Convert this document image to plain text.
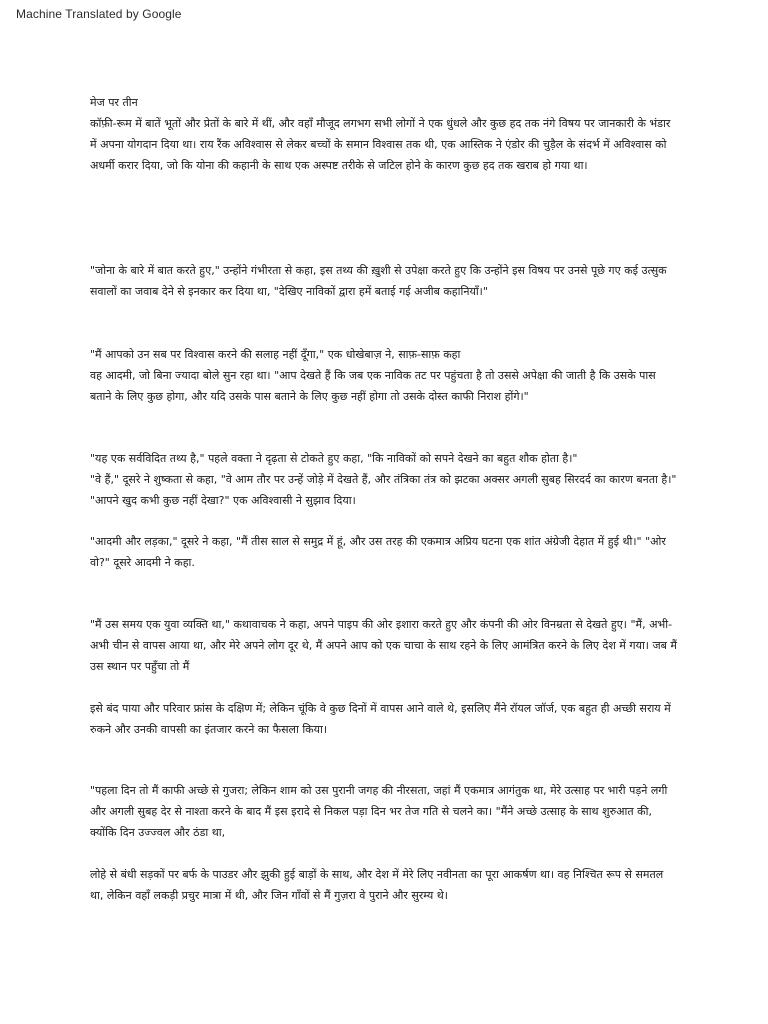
Machine Translated by Google
मेज पर तीन

कॉफ़ी-रूम में बातें भूतों और प्रेतों के बारे में थीं, और वहाँ मौजूद लगभग सभी लोगों ने एक धुंधले और कुछ हद तक नंगे विषय पर जानकारी के भंडार में अपना योगदान दिया था। राय रैंक अविश्वास से लेकर बच्चों के समान विश्वास तक थी, एक आस्तिक ने एंडोर की चुड़ैल के संदर्भ में अविश्वास को अधर्मी करार दिया, जो कि योना की कहानी के साथ एक अस्पष्ट तरीके से जटिल होने के कारण कुछ हद तक खराब हो गया था।

"जोना के बारे में बात करते हुए," उन्होंने गंभीरता से कहा, इस तथ्य की ख़ुशी से उपेक्षा करते हुए कि उन्होंने इस विषय पर उनसे पूछे गए कई उत्सुक सवालों का जवाब देने से इनकार कर दिया था, "देखिए नाविकों द्वारा हमें बताई गई अजीब कहानियाँ।"

"मैं आपको उन सब पर विश्वास करने की सलाह नहीं दूँगा," एक धोखेबाज़ ने, साफ़-साफ़ कहा
वह आदमी, जो बिना ज्यादा बोले सुन रहा था। "आप देखते हैं कि जब एक नाविक तट पर पहुंचता है तो उससे अपेक्षा की जाती है कि उसके पास बताने के लिए कुछ होगा, और यदि उसके पास बताने के लिए कुछ नहीं होगा तो उसके दोस्त काफी निराश होंगे।"

"यह एक सर्वविदित तथ्य है," पहले वक्ता ने दृढ़ता से टोकते हुए कहा, "कि नाविकों को सपने देखने का बहुत शौक होता है।"
"वे हैं," दूसरे ने शुष्कता से कहा, "वे आम तौर पर उन्हें जोड़े में देखते हैं, और तंत्रिका तंत्र को झटका अक्सर अगली सुबह सिरदर्द का कारण बनता है।" "आपने खुद कभी कुछ नहीं देखा?" एक अविश्वासी ने सुझाव दिया।

"आदमी और लड़का," दूसरे ने कहा, "मैं तीस साल से समुद्र में हूं, और उस तरह की एकमात्र अप्रिय घटना एक शांत अंग्रेजी देहात में हुई थी।" "ओर वो?" दूसरे आदमी ने कहा.

"मैं उस समय एक युवा व्यक्ति था," कथावाचक ने कहा, अपने पाइप की ओर इशारा करते हुए और कंपनी की ओर विनम्रता से देखते हुए। "मैं, अभी-अभी चीन से वापस आया था, और मेरे अपने लोग दूर थे, मैं अपने आप को एक चाचा के साथ रहने के लिए आमंत्रित करने के लिए देश में गया। जब मैं उस स्थान पर पहुँचा तो मैं

इसे बंद पाया और परिवार फ्रांस के दक्षिण में; लेकिन चूंकि वे कुछ दिनों में वापस आने वाले थे, इसलिए मैंने रॉयल जॉर्ज, एक बहुत ही अच्छी सराय में रुकने और उनकी वापसी का इंतजार करने का फैसला किया।

"पहला दिन तो मैं काफी अच्छे से गुजरा; लेकिन शाम को उस पुरानी जगह की नीरसता, जहां मैं एकमात्र आगंतुक था, मेरे उत्साह पर भारी पड़ने लगी और अगली सुबह देर से नाश्ता करने के बाद मैं इस इरादे से निकल पड़ा दिन भर तेज गति से चलने का। "मैंने अच्छे उत्साह के साथ शुरुआत की, क्योंकि दिन उज्ज्वल और ठंडा था,

लोहे से बंधी सड़कों पर बर्फ के पाउडर और झुकी हुई बाड़ों के साथ, और देश में मेरे लिए नवीनता का पूरा आकर्षण था। वह निश्चित रूप से समतल था, लेकिन वहाँ लकड़ी प्रचुर मात्रा में थी, और जिन गाँवों से मैं गुज़रा वे पुराने और सुरम्य थे।
